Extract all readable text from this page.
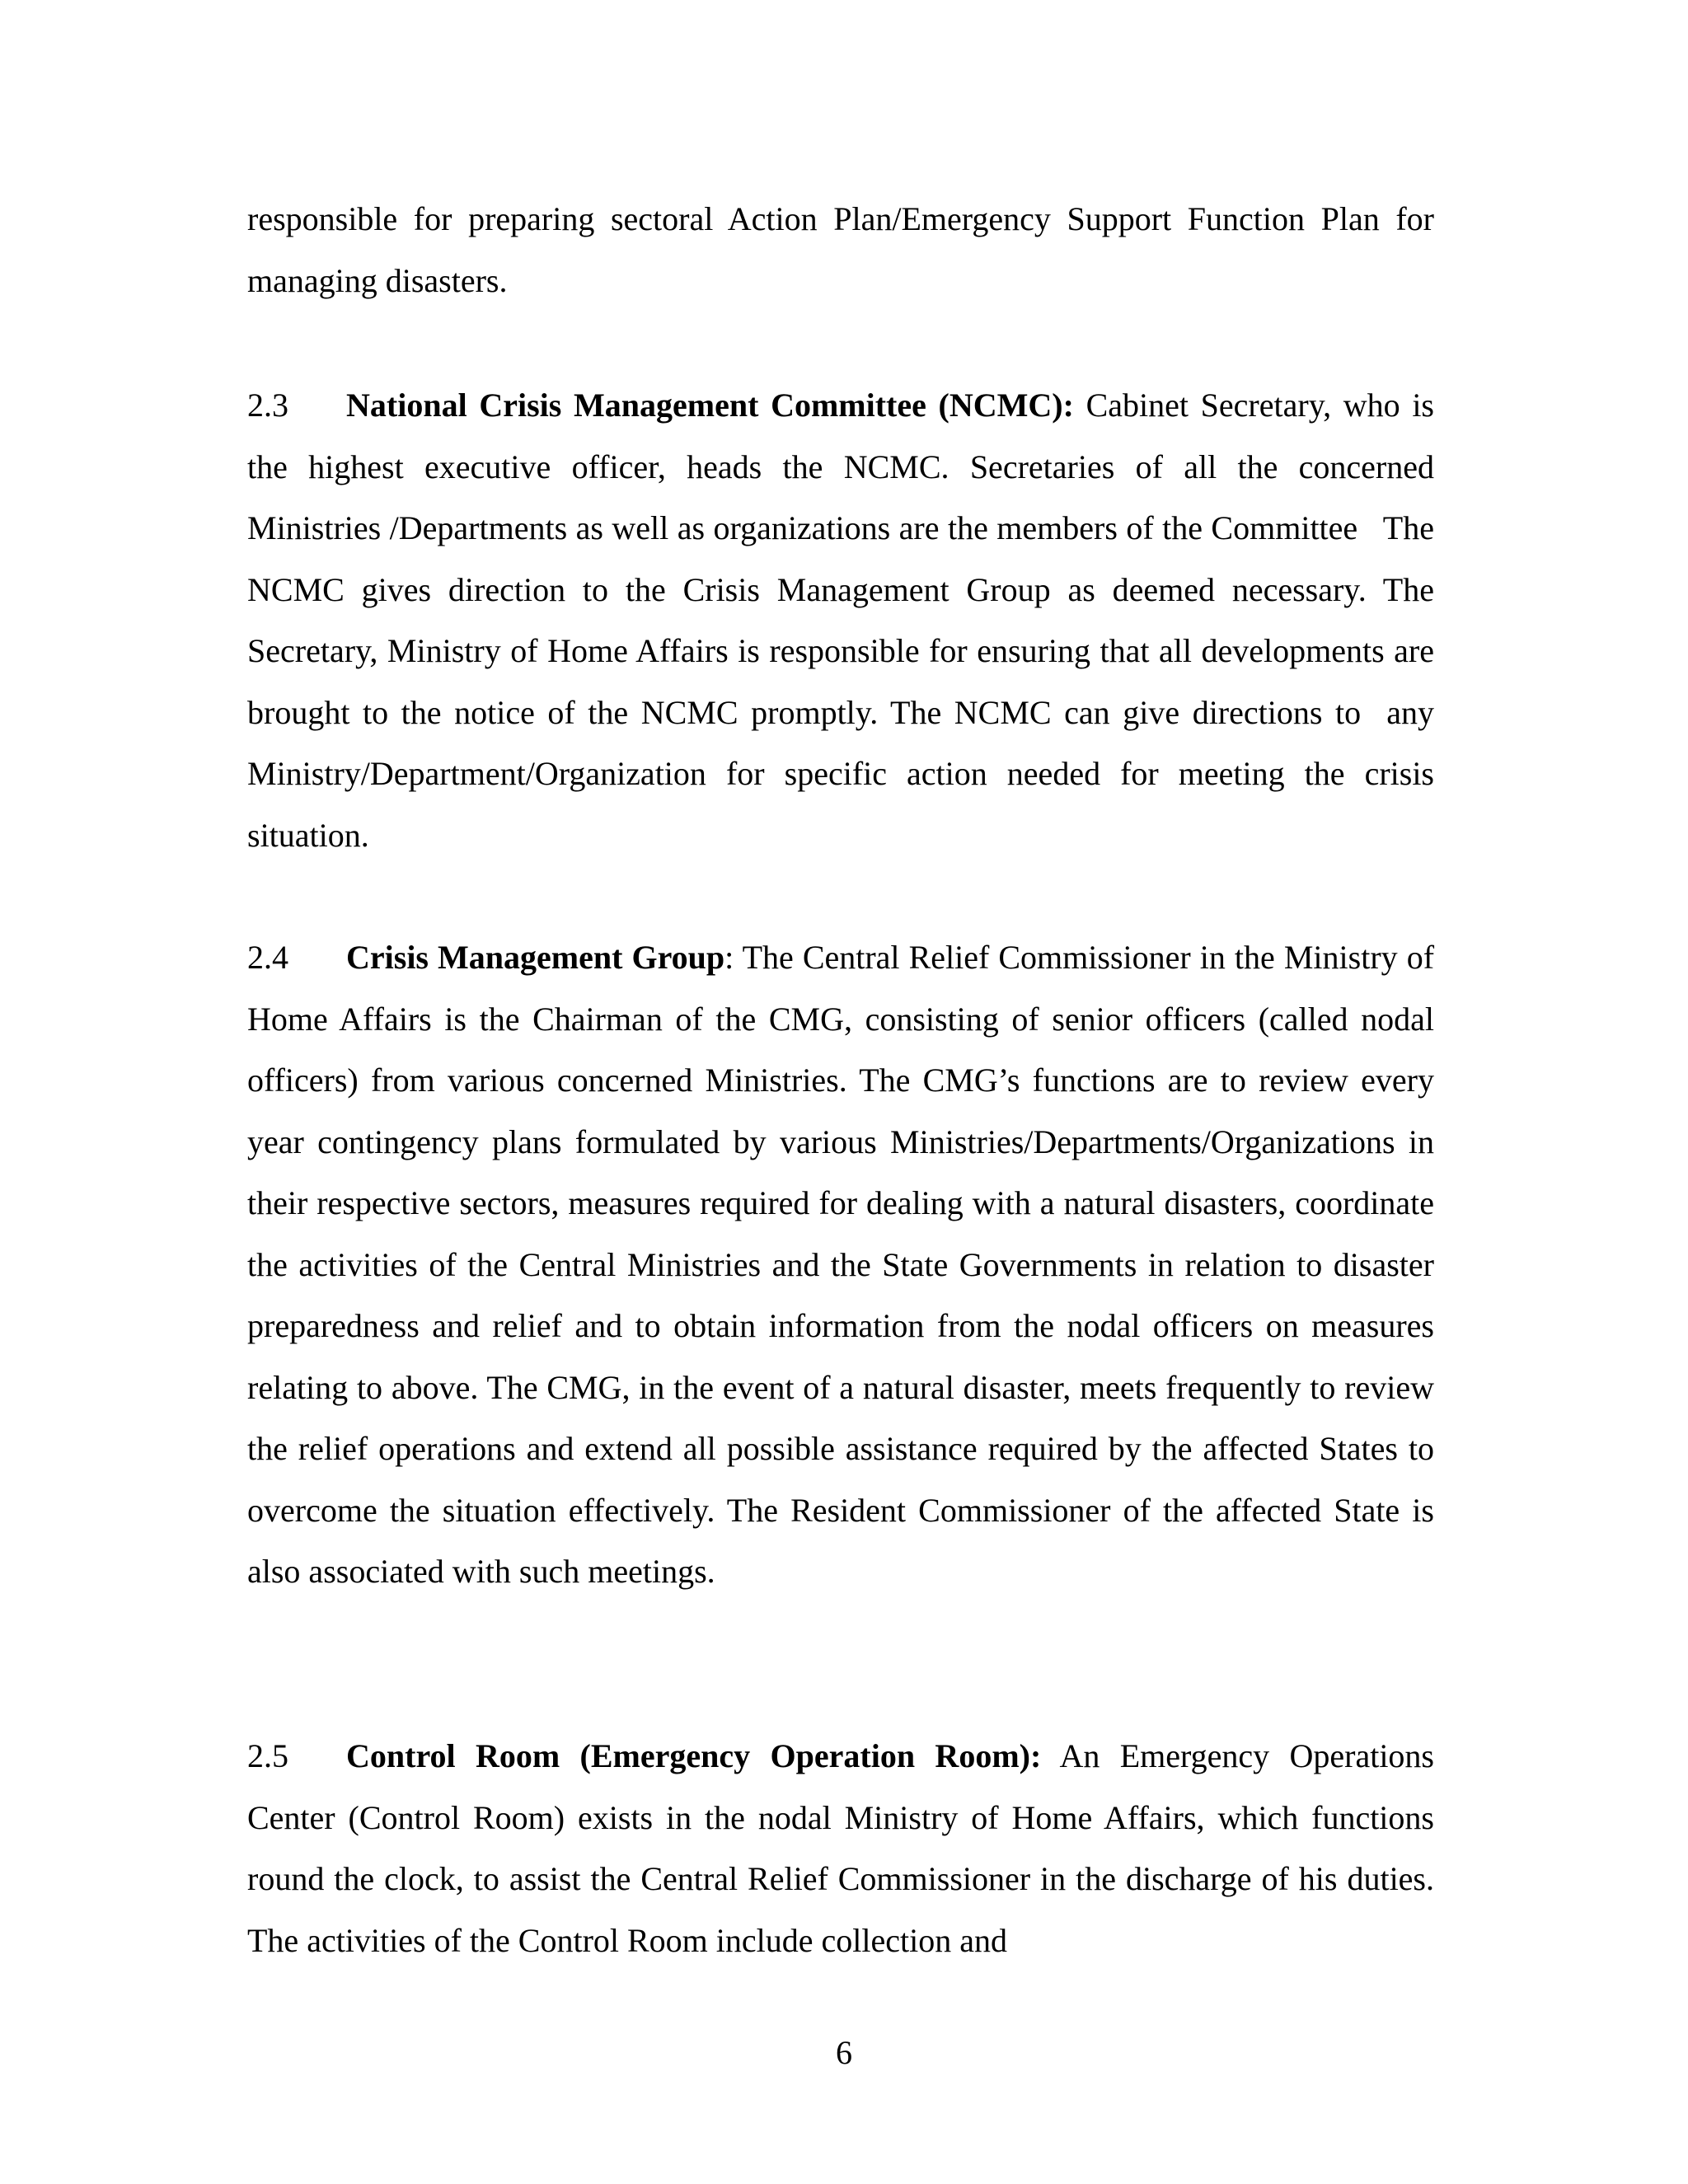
responsible for preparing sectoral Action Plan/Emergency Support Function Plan for managing disasters.

2.3 National Crisis Management Committee (NCMC): Cabinet Secretary, who is the highest executive officer, heads the NCMC. Secretaries of all the concerned Ministries /Departments as well as organizations are the members of the Committee   The NCMC gives direction to the Crisis Management Group as deemed necessary. The Secretary, Ministry of Home Affairs is responsible for ensuring that all developments are brought to the notice of the NCMC promptly. The NCMC can give directions to  any Ministry/Department/Organization for specific action needed for meeting the crisis situation.

2.4 Crisis Management Group: The Central Relief Commissioner in the Ministry of Home Affairs is the Chairman of the CMG, consisting of senior officers (called nodal officers) from various concerned Ministries. The CMG’s functions are to review every year contingency plans formulated by various Ministries/Departments/Organizations in their respective sectors, measures required for dealing with a natural disasters, coordinate the activities of the Central Ministries and the State Governments in relation to disaster preparedness and relief and to obtain information from the nodal officers on measures relating to above. The CMG, in the event of a natural disaster, meets frequently to review the relief operations and extend all possible assistance required by the affected States to overcome the situation effectively. The Resident Commissioner of the affected State is also associated with such meetings.

2.5 Control Room (Emergency Operation Room): An Emergency Operations Center (Control Room) exists in the nodal Ministry of Home Affairs, which functions round the clock, to assist the Central Relief Commissioner in the discharge of his duties. The activities of the Control Room include collection and

6
